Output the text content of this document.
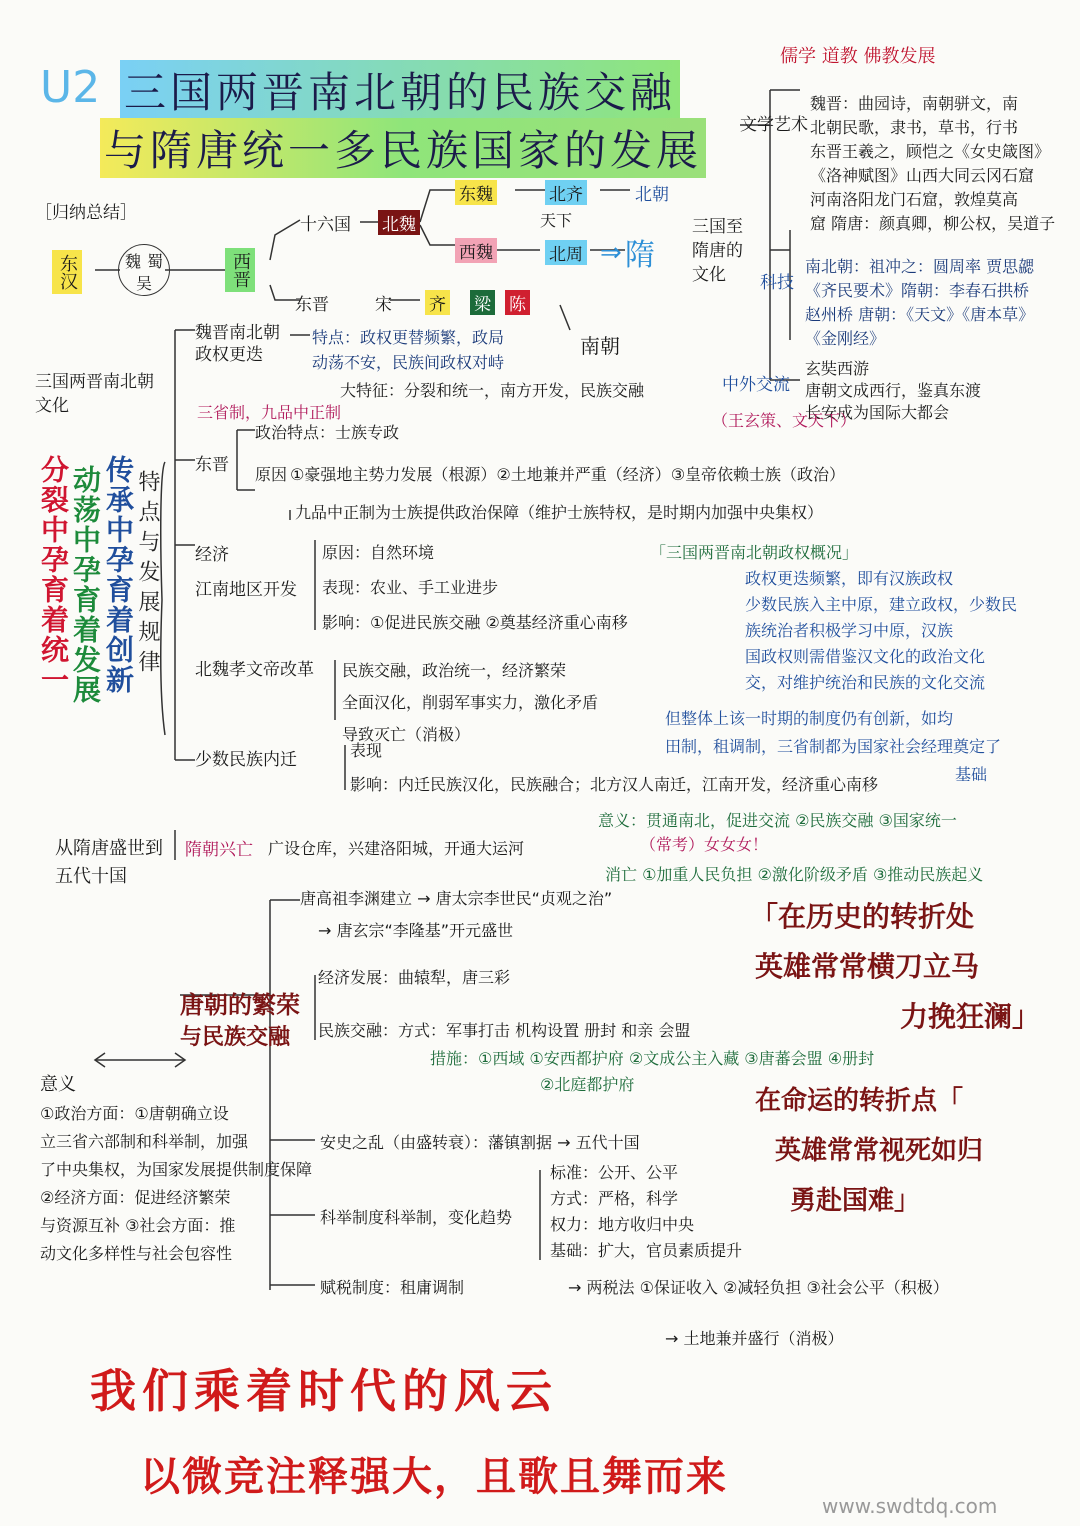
U2 三国两晋南北朝的民族交融
与隋唐统一多民族国家的发展
［归纳总结］
东汉	魏 蜀
吴	西晋
十六国 北魏
东魏	北齐	北朝
天下
西魏	北周 ⇒ 隋
东晋	宋 齐 梁 陈
南朝
三国至隋唐的文化
儒学 道教 佛教发展
文学艺术
魏晋：曲园诗，南朝骈文，南
北朝民歌，隶书，草书，行书
东晋王羲之，顾恺之《女史箴图》
《洛神赋图》山西大同云冈石窟
河南洛阳龙门石窟，敦煌莫高
窟 隋唐：颜真卿，柳公权，吴道子
科技
南北朝：祖冲之：圆周率 贾思勰
《齐民要术》隋朝：李春石拱桥
赵州桥 唐朝：《天文》《唐本草》
《金刚经》
中外交流
玄奘西游
唐朝文成西行，鉴真东渡
长安成为国际大都会
（王玄策、文天下）
三国两晋南北朝文化
魏晋南北朝政权更迭
特点：政权更替频繁，政局
动荡不安，民族间政权对峙
三省制，九品中正制
大特征：分裂和统一，南方开发，民族交融
东晋
政治特点：士族专政
原因 ①豪强地主势力发展（根源）②土地兼并严重（经济）③皇帝依赖士族（政治）
九品中正制为士族提供政治保障（维护士族特权，是时期内加强中央集权）
经济
江南地区开发
原因：自然环境
表现：农业、手工业进步
影响：①促进民族交融 ②奠基经济重心南移
北魏孝文帝改革 民族交融，政治统一，经济繁荣
全面汉化，削弱军事实力，激化矛盾
导致灭亡（消极）
少数民族内迁	表现
影响：内迁民族汉化，民族融合；北方汉人南迁，江南开发，经济重心南移
分裂中孕育着统一 动荡中孕育着发展 传承中孕育着创新 特点与发展规律	「三国两晋南北朝政权概况」
政权更迭频繁，即有汉族政权
少数民族入主中原，建立政权，少数民
族统治者积极学习中原，汉族
国政权则需借鉴汉文化的政治文化
交，对维护统治和民族的文化交流
但整体上该一时期的制度仍有创新，如均
田制，租调制，三省制都为国家社会经理奠定了
基础
从隋唐盛世到五代十国
隋朝兴亡 广设仓库，兴建洛阳城，开通大运河
意义：贯通南北，促进交流 ②民族交融 ③国家统一
（常考）女女女！
消亡 ①加重人民负担 ②激化阶级矛盾 ③推动民族起义
唐高祖李渊建立 → 唐太宗李世民“贞观之治”
→ 唐玄宗“李隆基”开元盛世
唐朝的繁荣
与民族交融
经济发展：曲辕犁，唐三彩
民族交融：方式：军事打击 机构设置 册封 和亲 会盟
措施：①西域 ①安西都护府 ②文成公主入藏 ③唐蕃会盟 ④册封
②北庭都护府
意义
①政治方面：①唐朝确立设
立三省六部制和科举制，加强
了中央集权，为国家发展提供制度保障
②经济方面：促进经济繁荣
与资源互补 ③社会方面：推
动文化多样性与社会包容性
安史之乱（由盛转衰）：藩镇割据 → 五代十国
科举制度科举制，变化趋势
标准：公开、公平
方式：严格，科学
权力：地方收归中央
基础：扩大，官员素质提升
赋税制度：租庸调制	→ 两税法 ①保证收入 ②减轻负担 ③社会公平（积极）
→ 土地兼并盛行（消极）
「在历史的转折处
英雄常常横刀立马
力挽狂澜」
在命运的转折点「
英雄常常视死如归
勇赴国难」
我们乘着时代的风云
以微竞注释强大，且歌且舞而来
www.swdtdq.com
